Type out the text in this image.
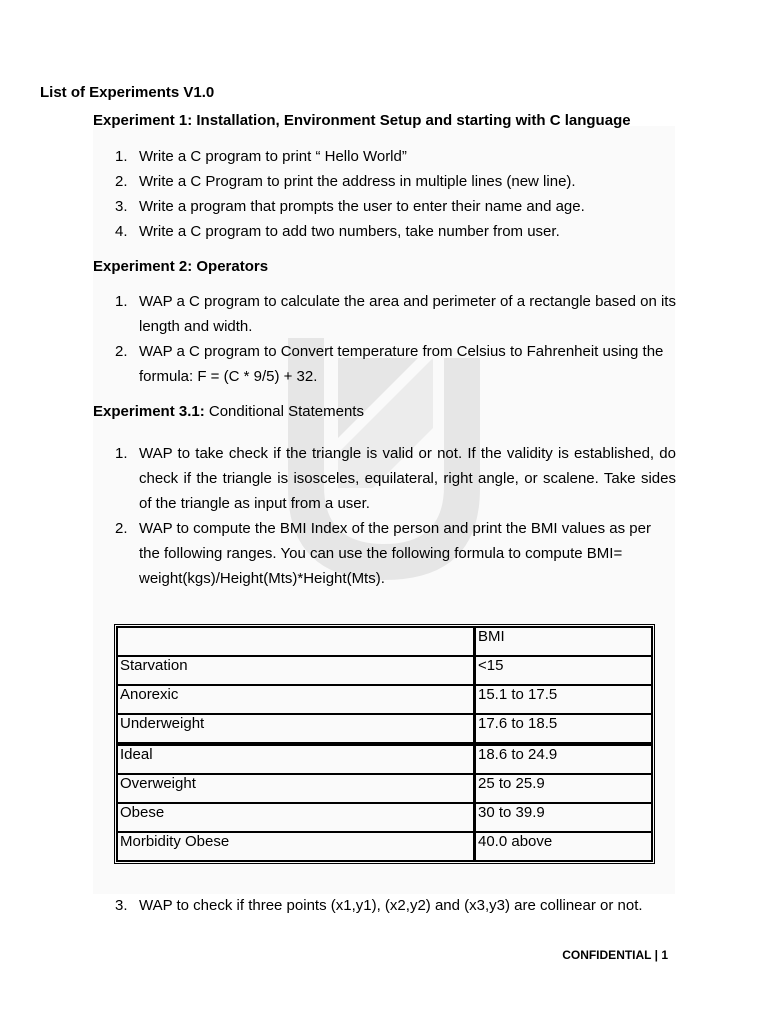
List of Experiments V1.0
Experiment 1: Installation, Environment Setup and starting with C language
1. Write a C program to print “ Hello World”
2. Write a C Program to print the address in multiple lines (new line).
3. Write a program that prompts the user to enter their name and age.
4. Write a C program to add two numbers, take number from user.
Experiment 2: Operators
1. WAP a C program to calculate the area and perimeter of a rectangle based on its length and width.
2. WAP a C program to Convert temperature from Celsius to Fahrenheit using the formula: F = (C * 9/5) + 32.
Experiment 3.1: Conditional Statements
1. WAP to take check if the triangle is valid or not. If the validity is established, do check if the triangle is isosceles, equilateral, right angle, or scalene. Take sides of the triangle as input from a user.
2. WAP to compute the BMI Index of the person and print the BMI values as per the following ranges. You can use the following formula to compute BMI= weight(kgs)/Height(Mts)*Height(Mts).
	BMI
Starvation	<15
Anorexic	15.1 to 17.5
Underweight	17.6 to 18.5
Ideal	18.6 to 24.9
Overweight	25 to 25.9
Obese	30 to 39.9
Morbidity Obese	40.0 above
3. WAP to check if three points (x1,y1), (x2,y2) and (x3,y3) are collinear or not.
CONFIDENTIAL | 1
